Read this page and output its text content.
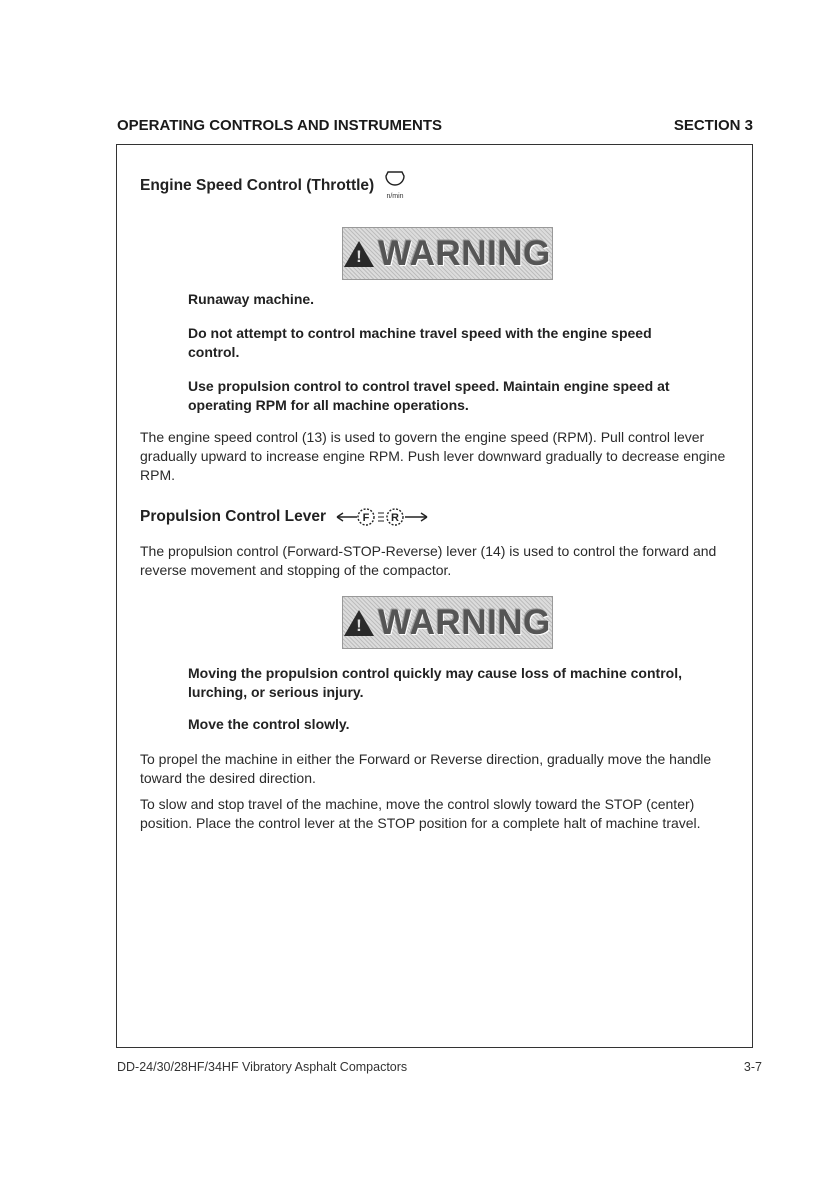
OPERATING CONTROLS AND INSTRUMENTS	SECTION 3
Engine Speed Control (Throttle)
n/min
!
WARNING
Runaway machine.
Do not attempt to control machine travel speed with the engine speed control.
Use propulsion control to control travel speed. Maintain engine speed at operating RPM for all machine operations.
The engine speed control (13) is used to govern the engine speed (RPM). Pull control lever gradually upward to increase engine RPM. Push lever downward gradually to decrease engine RPM.
Propulsion Control Lever	F R
The propulsion control (Forward-STOP-Reverse) lever (14) is used to control the forward and reverse movement and stopping of the compactor.
!
WARNING
Moving the propulsion control quickly may cause loss of machine control, lurching, or serious injury.
Move the control slowly.
To propel the machine in either the Forward or Reverse direction, gradually move the handle toward the desired direction.
To slow and stop travel of the machine, move the control slowly toward the STOP (center) position. Place the control lever at the STOP position for a complete halt of machine travel.
DD-24/30/28HF/34HF Vibratory Asphalt Compactors	3-7
